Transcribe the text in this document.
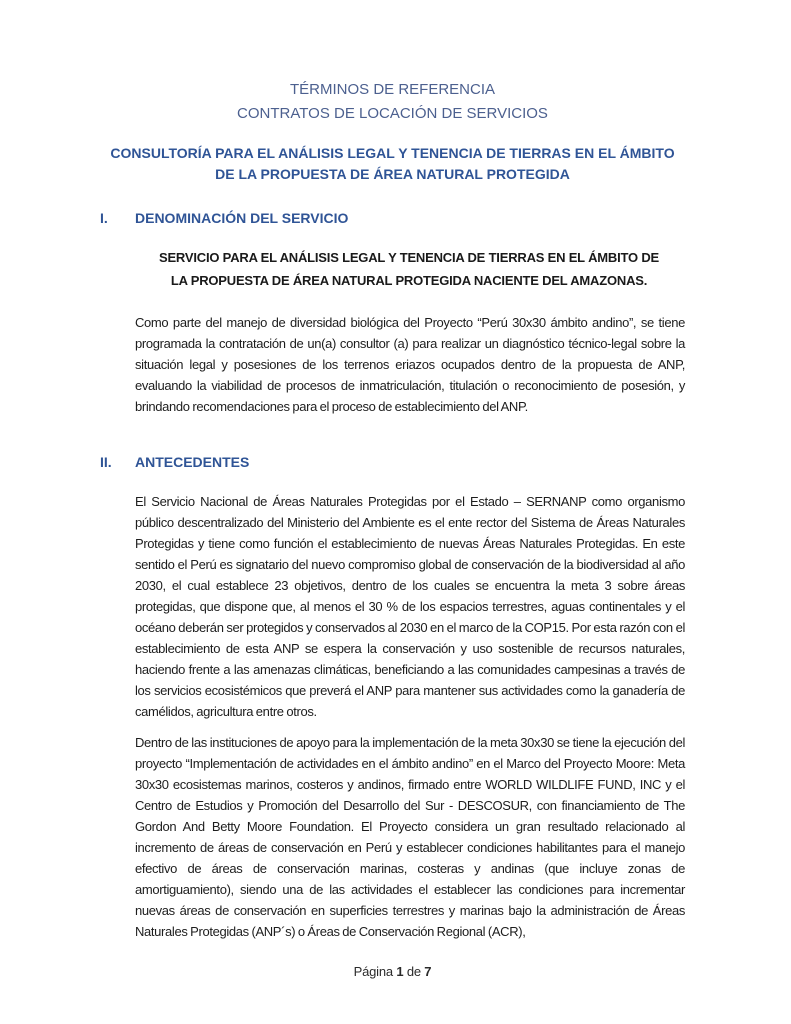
TÉRMINOS DE REFERENCIA
CONTRATOS DE LOCACIÓN DE SERVICIOS
CONSULTORÍA PARA EL ANÁLISIS LEGAL Y TENENCIA DE TIERRAS EN EL ÁMBITO DE LA PROPUESTA DE ÁREA NATURAL PROTEGIDA
I.	DENOMINACIÓN DEL SERVICIO
SERVICIO PARA EL ANÁLISIS LEGAL Y TENENCIA DE TIERRAS EN EL ÁMBITO DE LA PROPUESTA DE ÁREA NATURAL PROTEGIDA NACIENTE DEL AMAZONAS.

Como parte del manejo de diversidad biológica del Proyecto “Perú 30x30 ámbito andino”, se tiene programada la contratación de un(a) consultor (a) para realizar un diagnóstico técnico-legal sobre la situación legal y posesiones de los terrenos eriazos ocupados dentro de la propuesta de ANP, evaluando la viabilidad de procesos de inmatriculación, titulación o reconocimiento de posesión, y brindando recomendaciones para el proceso de establecimiento del ANP.

II.	ANTECEDENTES

El Servicio Nacional de Áreas Naturales Protegidas por el Estado – SERNANP como organismo público descentralizado del Ministerio del Ambiente es el ente rector del Sistema de Áreas Naturales Protegidas y tiene como función el establecimiento de nuevas Áreas Naturales Protegidas. En este sentido el Perú es signatario del nuevo compromiso global de conservación de la biodiversidad al año 2030, el cual establece 23 objetivos, dentro de los cuales se encuentra la meta 3 sobre áreas protegidas, que dispone que, al menos el 30 % de los espacios terrestres, aguas continentales y el océano deberán ser protegidos y conservados al 2030 en el marco de la COP15. Por esta razón con el establecimiento de esta ANP se espera la conservación y uso sostenible de recursos naturales, haciendo frente a las amenazas climáticas, beneficiando a las comunidades campesinas a través de los servicios ecosistémicos que preverá el ANP para mantener sus actividades como la ganadería de camélidos, agricultura entre otros.

Dentro de las instituciones de apoyo para la implementación de la meta 30x30 se tiene la ejecución del proyecto “Implementación de actividades en el ámbito andino” en el Marco del Proyecto Moore: Meta 30x30 ecosistemas marinos, costeros y andinos, firmado entre WORLD WILDLIFE FUND, INC y el Centro de Estudios y Promoción del Desarrollo del Sur - DESCOSUR, con financiamiento de The Gordon And Betty Moore Foundation. El Proyecto considera un gran resultado relacionado al incremento de áreas de conservación en Perú y establecer condiciones habilitantes para el manejo efectivo de áreas de conservación marinas, costeras y andinas (que incluye zonas de amortiguamiento), siendo una de las actividades el establecer las condiciones para incrementar nuevas áreas de conservación en superficies terrestres y marinas bajo la administración de Áreas Naturales Protegidas (ANP´s) o Áreas de Conservación Regional (ACR),

Página 1 de 7
